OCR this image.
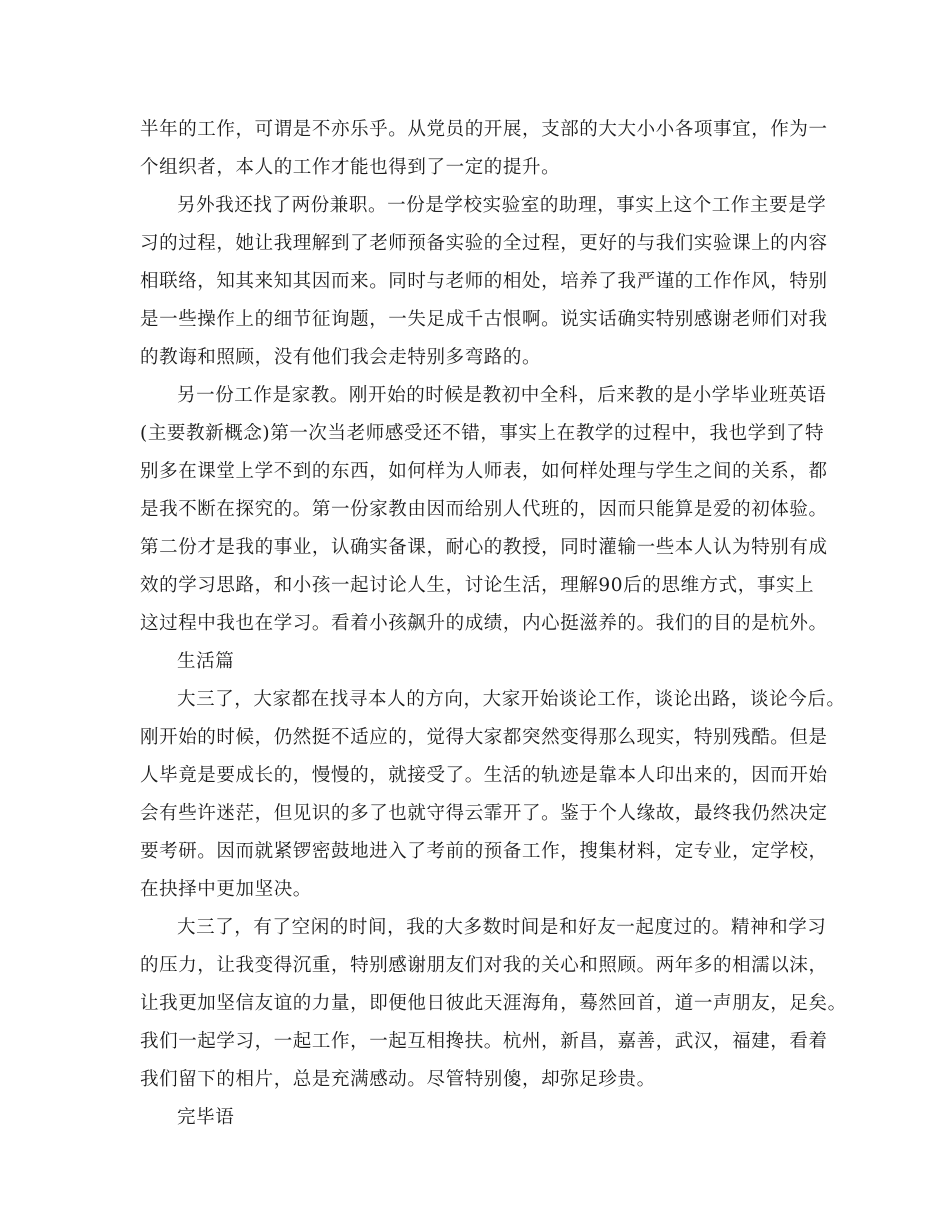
半年的工作，可谓是不亦乐乎。从党员的开展，支部的大大小小各项事宜，作为一
个组织者，本人的工作才能也得到了一定的提升。
另外我还找了两份兼职。一份是学校实验室的助理，事实上这个工作主要是学
习的过程，她让我理解到了老师预备实验的全过程，更好的与我们实验课上的内容
相联络，知其来知其因而来。同时与老师的相处，培养了我严谨的工作作风，特别
是一些操作上的细节征询题，一失足成千古恨啊。说实话确实特别感谢老师们对我
的教诲和照顾，没有他们我会走特别多弯路的。
另一份工作是家教。刚开始的时候是教初中全科，后来教的是小学毕业班英语
(主要教新概念)第一次当老师感受还不错，事实上在教学的过程中，我也学到了特
别多在课堂上学不到的东西，如何样为人师表，如何样处理与学生之间的关系，都
是我不断在探究的。第一份家教由因而给别人代班的，因而只能算是爱的初体验。
第二份才是我的事业，认确实备课，耐心的教授，同时灌输一些本人认为特别有成
效的学习思路，和小孩一起讨论人生，讨论生活，理解90后的思维方式，事实上
这过程中我也在学习。看着小孩飙升的成绩，内心挺滋养的。我们的目的是杭外。
生活篇
大三了，大家都在找寻本人的方向，大家开始谈论工作，谈论出路，谈论今后。
刚开始的时候，仍然挺不适应的，觉得大家都突然变得那么现实，特别残酷。但是
人毕竟是要成长的，慢慢的，就接受了。生活的轨迹是靠本人印出来的，因而开始
会有些许迷茫，但见识的多了也就守得云霏开了。鉴于个人缘故，最终我仍然决定
要考研。因而就紧锣密鼓地进入了考前的预备工作，搜集材料，定专业，定学校，
在抉择中更加坚决。
大三了，有了空闲的时间，我的大多数时间是和好友一起度过的。精神和学习
的压力，让我变得沉重，特别感谢朋友们对我的关心和照顾。两年多的相濡以沫，
让我更加坚信友谊的力量，即便他日彼此天涯海角，蓦然回首，道一声朋友，足矣。
我们一起学习，一起工作，一起互相搀扶。杭州，新昌，嘉善，武汉，福建，看着
我们留下的相片，总是充满感动。尽管特别傻，却弥足珍贵。
完毕语
